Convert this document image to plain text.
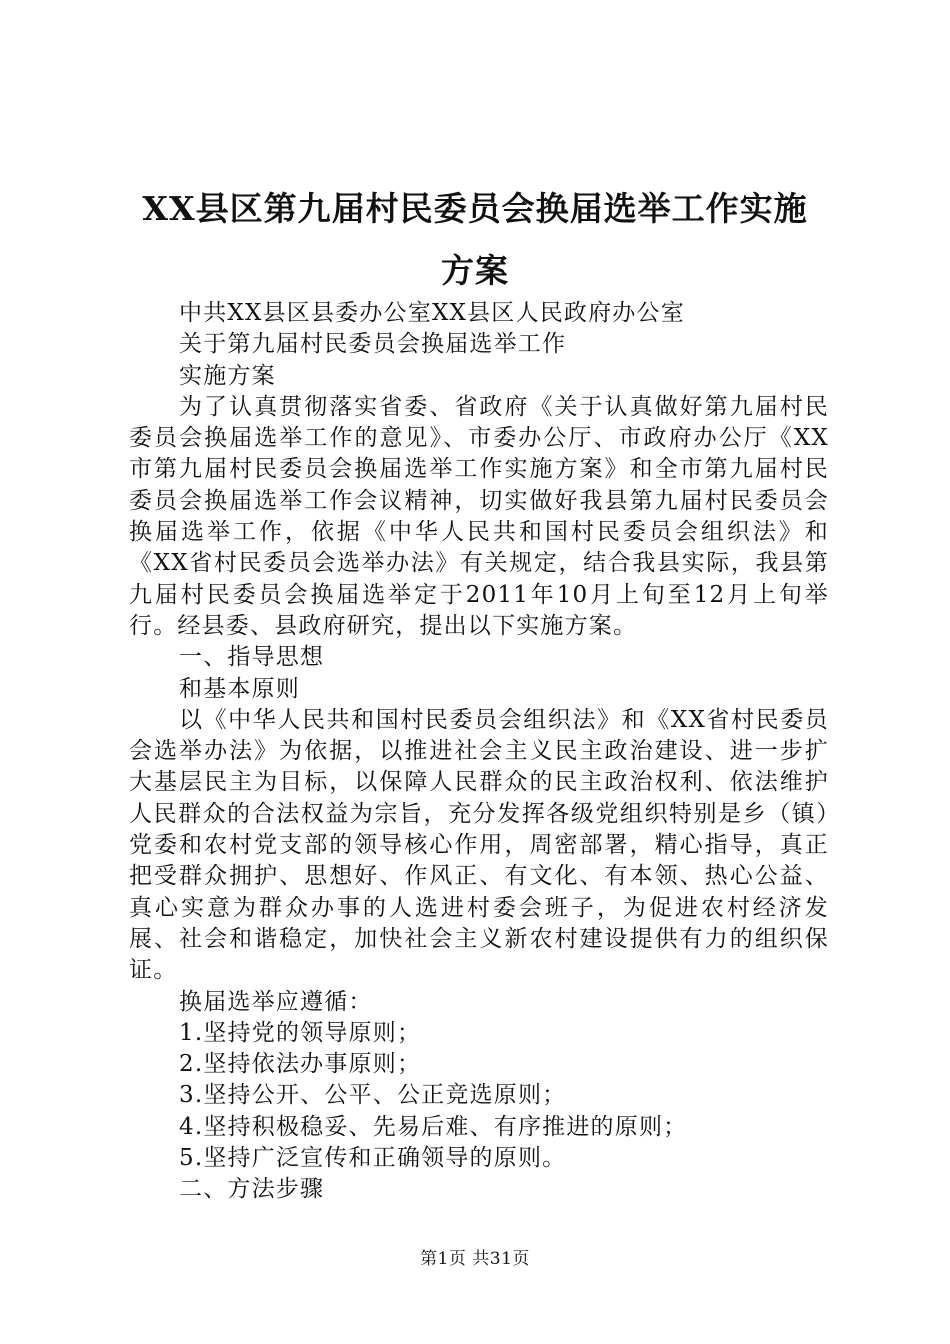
XX县区第九届村民委员会换届选举工作实施
方案
中共XX县区县委办公室XX县区人民政府办公室
关于第九届村民委员会换届选举工作
实施方案

为了认真贯彻落实省委、省政府《关于认真做好第九届村民委员会换届选举工作的意见》、市委办公厅、市政府办公厅《XX市第九届村民委员会换届选举工作实施方案》和全市第九届村民委员会换届选举工作会议精神，切实做好我县第九届村民委员会换届选举工作，依据《中华人民共和国村民委员会组织法》和《XX省村民委员会选举办法》有关规定，结合我县实际，我县第九届村民委员会换届选举定于2011年10月上旬至12月上旬举行。经县委、县政府研究，提出以下实施方案。

一、指导思想
和基本原则

以《中华人民共和国村民委员会组织法》和《XX省村民委员会选举办法》为依据，以推进社会主义民主政治建设、进一步扩大基层民主为目标，以保障人民群众的民主政治权利、依法维护人民群众的合法权益为宗旨，充分发挥各级党组织特别是乡（镇）党委和农村党支部的领导核心作用，周密部署，精心指导，真正把受群众拥护、思想好、作风正、有文化、有本领、热心公益、真心实意为群众办事的人选进村委会班子，为促进农村经济发展、社会和谐稳定，加快社会主义新农村建设提供有力的组织保证。

换届选举应遵循：
1.坚持党的领导原则；
2.坚持依法办事原则；
3.坚持公开、公平、公正竞选原则；
4.坚持积极稳妥、先易后难、有序推进的原则；
5.坚持广泛宣传和正确领导的原则。
二、方法步骤
第1页 共31页
